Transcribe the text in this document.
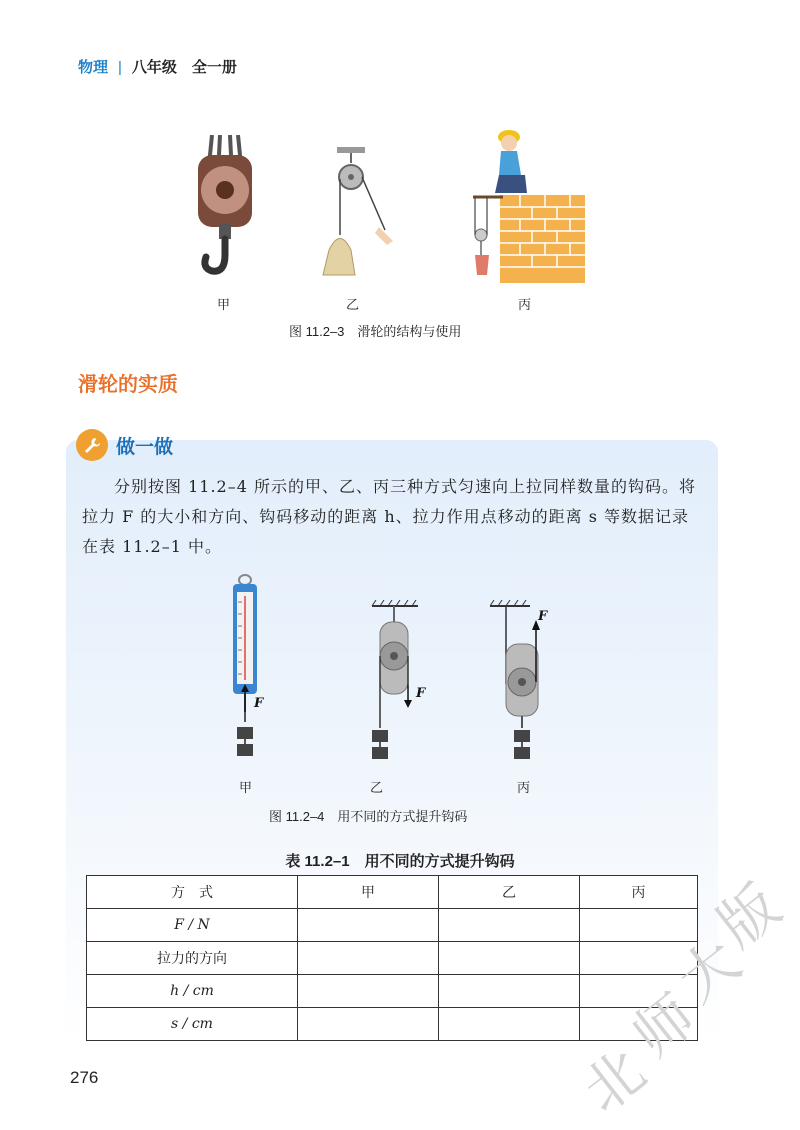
物理 | 八年级　全一册
甲	乙	丙
图 11.2–3　滑轮的结构与使用
滑轮的实质
做一做
分别按图 11.2–4 所示的甲、乙、丙三种方式匀速向上拉同样数量的钩码。将拉力 F 的大小和方向、钩码移动的距离 h、拉力作用点移动的距离 s 等数据记录在表 11.2–1 中。
F
F
F
甲	乙	丙
图 11.2–4　用不同的方式提升钩码
表 11.2–1　用不同的方式提升钩码
方　式	甲	乙	丙
F / N			
拉力的方向			
h / cm			
s / cm			
276	北
师
大
版
